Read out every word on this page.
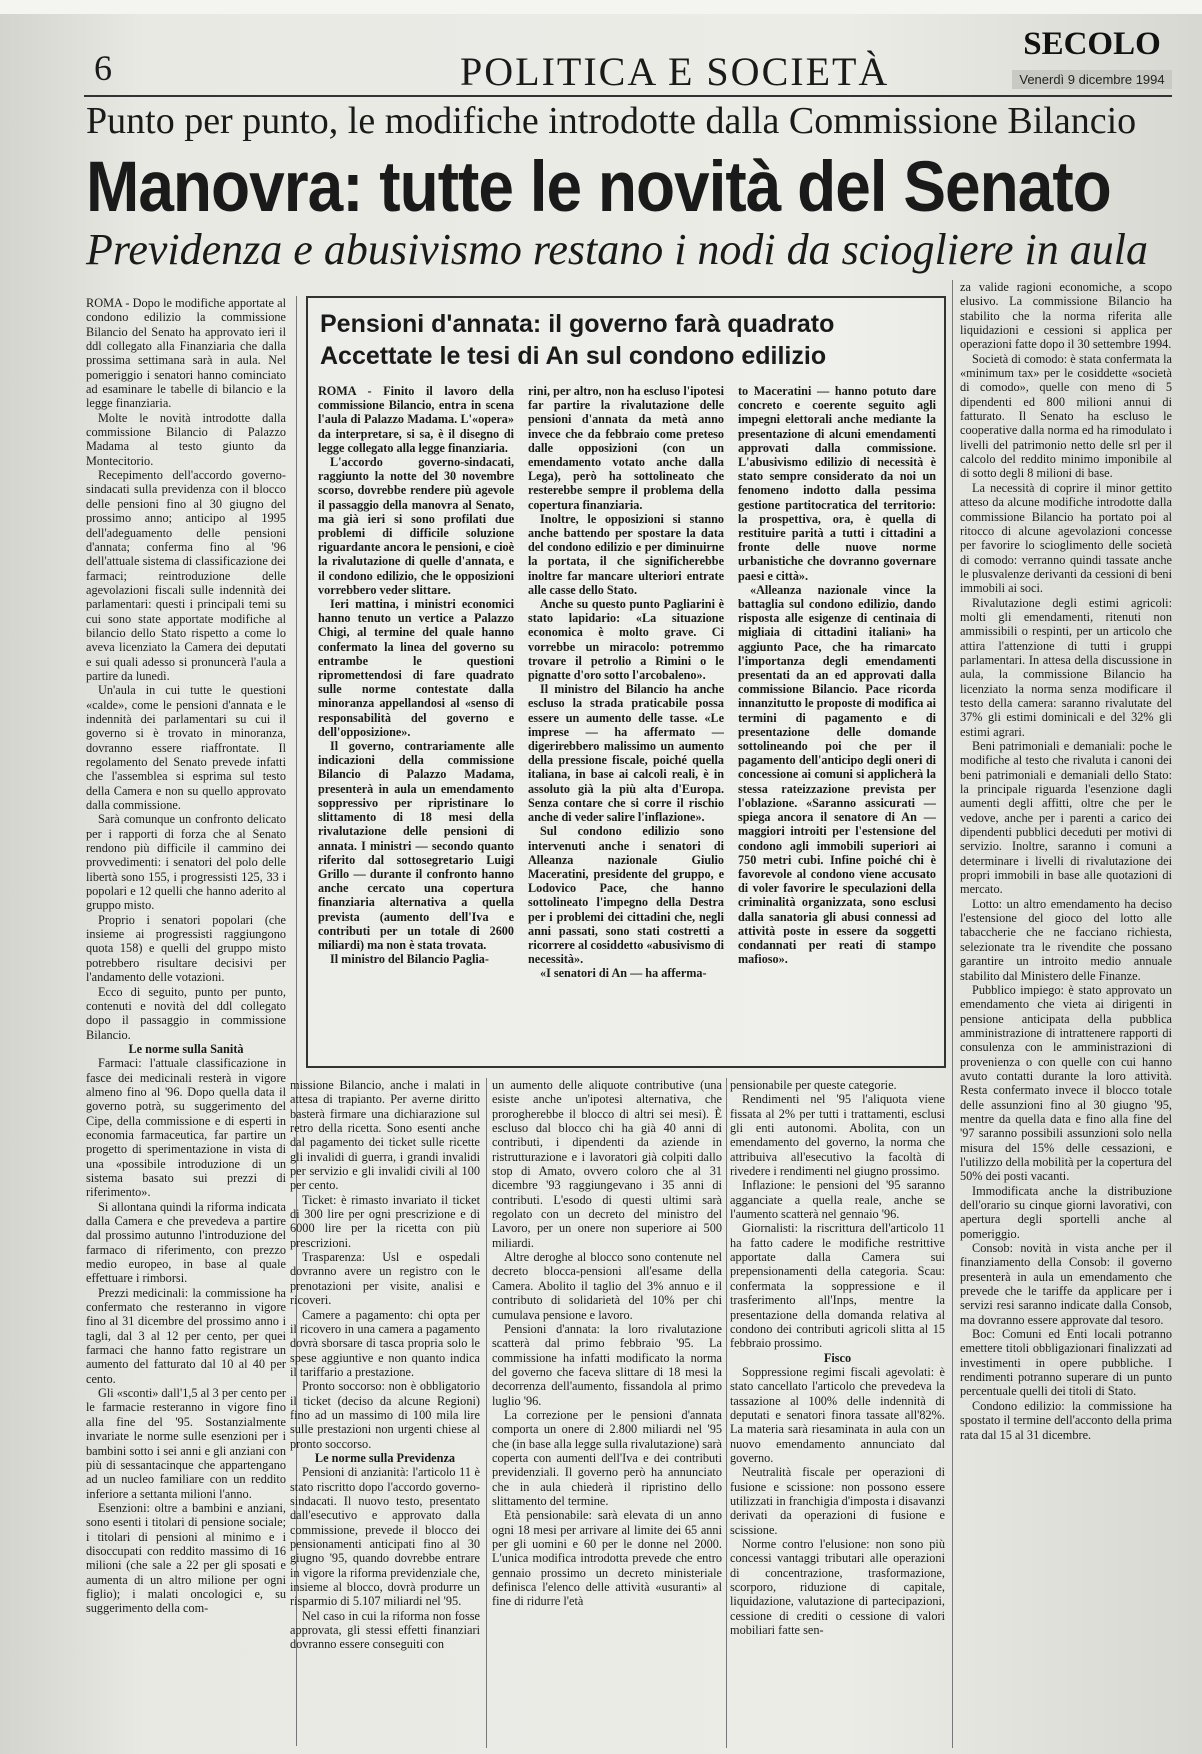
6	POLITICA E SOCIETÀ
SECOLO
Venerdì 9 dicembre 1994
Punto per punto, le modifiche introdotte dalla Commissione Bilancio
Manovra: tutte le novità del Senato
Previdenza e abusivismo restano i nodi da sciogliere in aula

ROMA - Dopo le modifiche apportate al condono edilizio la commissione Bilancio del Senato ha approvato ieri il ddl collegato alla Finanziaria che dalla prossima settimana sarà in aula. Nel pomeriggio i senatori hanno cominciato ad esaminare le tabelle di bilancio e la legge finanziaria.

Molte le novità introdotte dalla commissione Bilancio di Palazzo Madama al testo giunto da Montecitorio.

Recepimento dell'accordo governo-sindacati sulla previdenza con il blocco delle pensioni fino al 30 giugno del prossimo anno; anticipo al 1995 dell'adeguamento delle pensioni d'annata; conferma fino al '96 dell'attuale sistema di classificazione dei farmaci; reintroduzione delle agevolazioni fiscali sulle indennità dei parlamentari: questi i principali temi su cui sono state apportate modifiche al bilancio dello Stato rispetto a come lo aveva licenziato la Camera dei deputati e sui quali adesso si pronuncerà l'aula a partire da lunedì.

Un'aula in cui tutte le questioni «calde», come le pensioni d'annata e le indennità dei parlamentari su cui il governo si è trovato in minoranza, dovranno essere riaffrontate. Il regolamento del Senato prevede infatti che l'assemblea si esprima sul testo della Camera e non su quello approvato dalla commissione.

Sarà comunque un confronto delicato per i rapporti di forza che al Senato rendono più difficile il cammino dei provvedimenti: i senatori del polo delle libertà sono 155, i progressisti 125, 33 i popolari e 12 quelli che hanno aderito al gruppo misto.

Proprio i senatori popolari (che insieme ai progressisti raggiungono quota 158) e quelli del gruppo misto potrebbero risultare decisivi per l'andamento delle votazioni.

Ecco di seguito, punto per punto, contenuti e novità del ddl collegato dopo il passaggio in commissione Bilancio.

Le norme sulla Sanità

Farmaci: l'attuale classificazione in fasce dei medicinali resterà in vigore almeno fino al '96. Dopo quella data il governo potrà, su suggerimento del Cipe, della commissione e di esperti in economia farmaceutica, far partire un progetto di sperimentazione in vista di una «possibile introduzione di un sistema basato sui prezzi di riferimento».

Si allontana quindi la riforma indicata dalla Camera e che prevedeva a partire dal prossimo autunno l'introduzione del farmaco di riferimento, con prezzo medio europeo, in base al quale effettuare i rimborsi.

Prezzi medicinali: la commissione ha confermato che resteranno in vigore fino al 31 dicembre del prossimo anno i tagli, dal 3 al 12 per cento, per quei farmaci che hanno fatto registrare un aumento del fatturato dal 10 al 40 per cento.

Gli «sconti» dall'1,5 al 3 per cento per le farmacie resteranno in vigore fino alla fine del '95. Sostanzialmente invariate le norme sulle esenzioni per i bambini sotto i sei anni e gli anziani con più di sessantacinque che appartengano ad un nucleo familiare con un reddito inferiore a settanta milioni l'anno.

Esenzioni: oltre a bambini e anziani, sono esenti i titolari di pensione sociale; i titolari di pensioni al minimo e i disoccupati con reddito massimo di 16 milioni (che sale a 22 per gli sposati e aumenta di un altro milione per ogni figlio); i malati oncologici e, su suggerimento della com-

Pensioni d'annata: il governo farà quadrato
Accettate le tesi di An sul condono edilizio

ROMA - Finito il lavoro della commissione Bilancio, entra in scena l'aula di Palazzo Madama. L'«opera» da interpretare, si sa, è il disegno di legge collegato alla legge finanziaria.

L'accordo governo-sindacati, raggiunto la notte del 30 novembre scorso, dovrebbe rendere più agevole il passaggio della manovra al Senato, ma già ieri si sono profilati due problemi di difficile soluzione riguardante ancora le pensioni, e cioè la rivalutazione di quelle d'annata, e il condono edilizio, che le opposizioni vorrebbero veder slittare.

Ieri mattina, i ministri economici hanno tenuto un vertice a Palazzo Chigi, al termine del quale hanno confermato la linea del governo su entrambe le questioni ripromettendosi di fare quadrato sulle norme contestate dalla minoranza appellandosi al «senso di responsabilità del governo e dell'opposizione».

Il governo, contrariamente alle indicazioni della commissione Bilancio di Palazzo Madama, presenterà in aula un emendamento soppressivo per ripristinare lo slittamento di 18 mesi della rivalutazione delle pensioni di annata. I ministri — secondo quanto riferito dal sottosegretario Luigi Grillo — durante il confronto hanno anche cercato una copertura finanziaria alternativa a quella prevista (aumento dell'Iva e contributi per un totale di 2600 miliardi) ma non è stata trovata.

Il ministro del Bilancio Paglia-

rini, per altro, non ha escluso l'ipotesi far partire la rivalutazione delle pensioni d'annata da metà anno invece che da febbraio come preteso dalle opposizioni (con un emendamento votato anche dalla Lega), però ha sottolineato che resterebbe sempre il problema della copertura finanziaria.

Inoltre, le opposizioni si stanno anche battendo per spostare la data del condono edilizio e per diminuirne la portata, il che significherebbe inoltre far mancare ulteriori entrate alle casse dello Stato.

Anche su questo punto Pagliarini è stato lapidario: «La situazione economica è molto grave. Ci vorrebbe un miracolo: potremmo trovare il petrolio a Rimini o le pignatte d'oro sotto l'arcobaleno».

Il ministro del Bilancio ha anche escluso la strada praticabile possa essere un aumento delle tasse. «Le imprese — ha affermato — digerirebbero malissimo un aumento della pressione fiscale, poiché quella italiana, in base ai calcoli reali, è in assoluto già la più alta d'Europa. Senza contare che si corre il rischio anche di veder salire l'inflazione».

Sul condono edilizio sono intervenuti anche i senatori di Alleanza nazionale Giulio Maceratini, presidente del gruppo, e Lodovico Pace, che hanno sottolineato l'impegno della Destra per i problemi dei cittadini che, negli anni passati, sono stati costretti a ricorrere al cosiddetto «abusivismo di necessità».

«I senatori di An — ha afferma-

to Maceratini — hanno potuto dare concreto e coerente seguito agli impegni elettorali anche mediante la presentazione di alcuni emendamenti approvati dalla commissione. L'abusivismo edilizio di necessità è stato sempre considerato da noi un fenomeno indotto dalla pessima gestione partitocratica del territorio: la prospettiva, ora, è quella di restituire parità a tutti i cittadini a fronte delle nuove norme urbanistiche che dovranno governare paesi e città».

«Alleanza nazionale vince la battaglia sul condono edilizio, dando risposta alle esigenze di centinaia di migliaia di cittadini italiani» ha aggiunto Pace, che ha rimarcato l'importanza degli emendamenti presentati da an ed approvati dalla commissione Bilancio. Pace ricorda innanzitutto le proposte di modifica ai termini di pagamento e di presentazione delle domande sottolineando poi che per il pagamento dell'anticipo degli oneri di concessione ai comuni si applicherà la stessa rateizzazione prevista per l'oblazione. «Saranno assicurati — spiega ancora il senatore di An — maggiori introiti per l'estensione del condono agli immobili superiori ai 750 metri cubi. Infine poiché chi è favorevole al condono viene accusato di voler favorire le speculazioni della criminalità organizzata, sono esclusi dalla sanatoria gli abusi connessi ad attività poste in essere da soggetti condannati per reati di stampo mafioso».

missione Bilancio, anche i malati in attesa di trapianto. Per averne diritto basterà firmare una dichiarazione sul retro della ricetta. Sono esenti anche dal pagamento dei ticket sulle ricette gli invalidi di guerra, i grandi invalidi per servizio e gli invalidi civili al 100 per cento.

Ticket: è rimasto invariato il ticket di 300 lire per ogni prescrizione e di 6000 lire per la ricetta con più prescrizioni.

Trasparenza: Usl e ospedali dovranno avere un registro con le prenotazioni per visite, analisi e ricoveri.

Camere a pagamento: chi opta per il ricovero in una camera a pagamento dovrà sborsare di tasca propria solo le spese aggiuntive e non quanto indica il tariffario a prestazione.

Pronto soccorso: non è obbligatorio il ticket (deciso da alcune Regioni) fino ad un massimo di 100 mila lire sulle prestazioni non urgenti chiese al pronto soccorso.

Le norme sulla Previdenza

Pensioni di anzianità: l'articolo 11 è stato riscritto dopo l'accordo governo-sindacati. Il nuovo testo, presentato dall'esecutivo e approvato dalla commissione, prevede il blocco dei pensionamenti anticipati fino al 30 giugno '95, quando dovrebbe entrare in vigore la riforma previdenziale che, insieme al blocco, dovrà produrre un risparmio di 5.107 miliardi nel '95.

Nel caso in cui la riforma non fosse approvata, gli stessi effetti finanziari dovranno essere conseguiti con

un aumento delle aliquote contributive (una esiste anche un'ipotesi alternativa, che prorogherebbe il blocco di altri sei mesi). È escluso dal blocco chi ha già 40 anni di contributi, i dipendenti da aziende in ristrutturazione e i lavoratori già colpiti dallo stop di Amato, ovvero coloro che al 31 dicembre '93 raggiungevano i 35 anni di contributi. L'esodo di questi ultimi sarà regolato con un decreto del ministro del Lavoro, per un onere non superiore ai 500 miliardi.

Altre deroghe al blocco sono contenute nel decreto blocca-pensioni all'esame della Camera. Abolito il taglio del 3% annuo e il contributo di solidarietà del 10% per chi cumulava pensione e lavoro.

Pensioni d'annata: la loro rivalutazione scatterà dal primo febbraio '95. La commissione ha infatti modificato la norma del governo che faceva slittare di 18 mesi la decorrenza dell'aumento, fissandola al primo luglio '96.

La correzione per le pensioni d'annata comporta un onere di 2.800 miliardi nel '95 che (in base alla legge sulla rivalutazione) sarà coperta con aumenti dell'Iva e dei contributi previdenziali. Il governo però ha annunciato che in aula chiederà il ripristino dello slittamento del termine.

Età pensionabile: sarà elevata di un anno ogni 18 mesi per arrivare al limite dei 65 anni per gli uomini e 60 per le donne nel 2000. L'unica modifica introdotta prevede che entro gennaio prossimo un decreto ministeriale definisca l'elenco delle attività «usuranti» al fine di ridurre l'età

pensionabile per queste categorie.

Rendimenti nel '95 l'aliquota viene fissata al 2% per tutti i trattamenti, esclusi gli enti autonomi. Abolita, con un emendamento del governo, la norma che attribuiva all'esecutivo la facoltà di rivedere i rendimenti nel giugno prossimo.

Inflazione: le pensioni del '95 saranno agganciate a quella reale, anche se l'aumento scatterà nel gennaio '96.

Giornalisti: la riscrittura dell'articolo 11 ha fatto cadere le modifiche restrittive apportate dalla Camera sui prepensionamenti della categoria. Scau: confermata la soppressione e il trasferimento all'Inps, mentre la presentazione della domanda relativa al condono dei contributi agricoli slitta al 15 febbraio prossimo.

Fisco

Soppressione regimi fiscali agevolati: è stato cancellato l'articolo che prevedeva la tassazione al 100% delle indennità di deputati e senatori finora tassate all'82%. La materia sarà riesaminata in aula con un nuovo emendamento annunciato dal governo.

Neutralità fiscale per operazioni di fusione e scissione: non possono essere utilizzati in franchigia d'imposta i disavanzi derivati da operazioni di fusione e scissione.

Norme contro l'elusione: non sono più concessi vantaggi tributari alle operazioni di concentrazione, trasformazione, scorporo, riduzione di capitale, liquidazione, valutazione di partecipazioni, cessione di crediti o cessione di valori mobiliari fatte sen-

za valide ragioni economiche, a scopo elusivo. La commissione Bilancio ha stabilito che la norma riferita alle liquidazioni e cessioni si applica per operazioni fatte dopo il 30 settembre 1994.

Società di comodo: è stata confermata la «minimum tax» per le cosiddette «società di comodo», quelle con meno di 5 dipendenti ed 800 milioni annui di fatturato. Il Senato ha escluso le cooperative dalla norma ed ha rimodulato i livelli del patrimonio netto delle srl per il calcolo del reddito minimo imponibile al di sotto degli 8 milioni di base.

La necessità di coprire il minor gettito atteso da alcune modifiche introdotte dalla commissione Bilancio ha portato poi al ritocco di alcune agevolazioni concesse per favorire lo scioglimento delle società di comodo: verranno quindi tassate anche le plusvalenze derivanti da cessioni di beni immobili ai soci.

Rivalutazione degli estimi agricoli: molti gli emendamenti, ritenuti non ammissibili o respinti, per un articolo che attira l'attenzione di tutti i gruppi parlamentari. In attesa della discussione in aula, la commissione Bilancio ha licenziato la norma senza modificare il testo della camera: saranno rivalutate del 37% gli estimi dominicali e del 32% gli estimi agrari.

Beni patrimoniali e demaniali: poche le modifiche al testo che rivaluta i canoni dei beni patrimoniali e demaniali dello Stato: la principale riguarda l'esenzione dagli aumenti degli affitti, oltre che per le vedove, anche per i parenti a carico dei dipendenti pubblici deceduti per motivi di servizio. Inoltre, saranno i comuni a determinare i livelli di rivalutazione dei propri immobili in base alle quotazioni di mercato.

Lotto: un altro emendamento ha deciso l'estensione del gioco del lotto alle tabaccherie che ne facciano richiesta, selezionate tra le rivendite che possano garantire un introito medio annuale stabilito dal Ministero delle Finanze.

Pubblico impiego: è stato approvato un emendamento che vieta ai dirigenti in pensione anticipata della pubblica amministrazione di intrattenere rapporti di consulenza con le amministrazioni di provenienza o con quelle con cui hanno avuto contatti durante la loro attività. Resta confermato invece il blocco totale delle assunzioni fino al 30 giugno '95, mentre da quella data e fino alla fine del '97 saranno possibili assunzioni solo nella misura del 15% delle cessazioni, e l'utilizzo della mobilità per la copertura del 50% dei posti vacanti.

Immodificata anche la distribuzione dell'orario su cinque giorni lavorativi, con apertura degli sportelli anche al pomeriggio.

Consob: novità in vista anche per il finanziamento della Consob: il governo presenterà in aula un emendamento che prevede che le tariffe da applicare per i servizi resi saranno indicate dalla Consob, ma dovranno essere approvate dal tesoro.

Boc: Comuni ed Enti locali potranno emettere titoli obbligazionari finalizzati ad investimenti in opere pubbliche. I rendimenti potranno superare di un punto percentuale quelli dei titoli di Stato.

Condono edilizio: la commissione ha spostato il termine dell'acconto della prima rata dal 15 al 31 dicembre.
